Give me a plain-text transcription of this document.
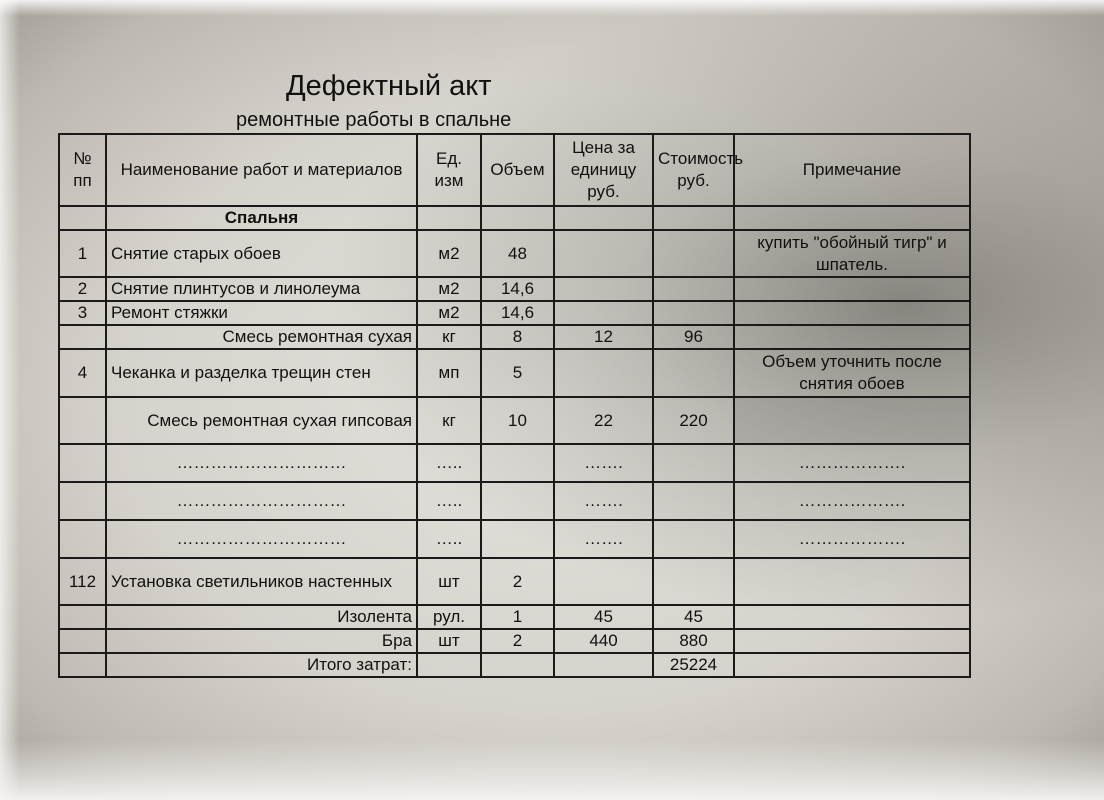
Дефектный акт
ремонтные работы в спальне
№ пп	Наименование работ и материалов	Ед. изм	Объем	Цена за единицу руб.	Стоимость руб.	Примечание
	Спальня					
1	Снятие старых обоев	м2	48			купить "обойный тигр" и шпатель.
2	Снятие плинтусов и линолеума	м2	14,6			
3	Ремонт стяжки	м2	14,6			
	Смесь ремонтная сухая	кг	8	12	96	
4	Чеканка и разделка трещин стен	мп	5			Объем уточнить после снятия обоев
	Смесь ремонтная сухая гипсовая	кг	10	22	220	
	…………………………	…..		…….		……………….
	…………………………	…..		…….		……………….
	…………………………	…..		…….		……………….
112	Установка светильников настенных	шт	2			
	Изолента	рул.	1	45	45	
	Бра	шт	2	440	880	
	Итого затрат:				25224	
